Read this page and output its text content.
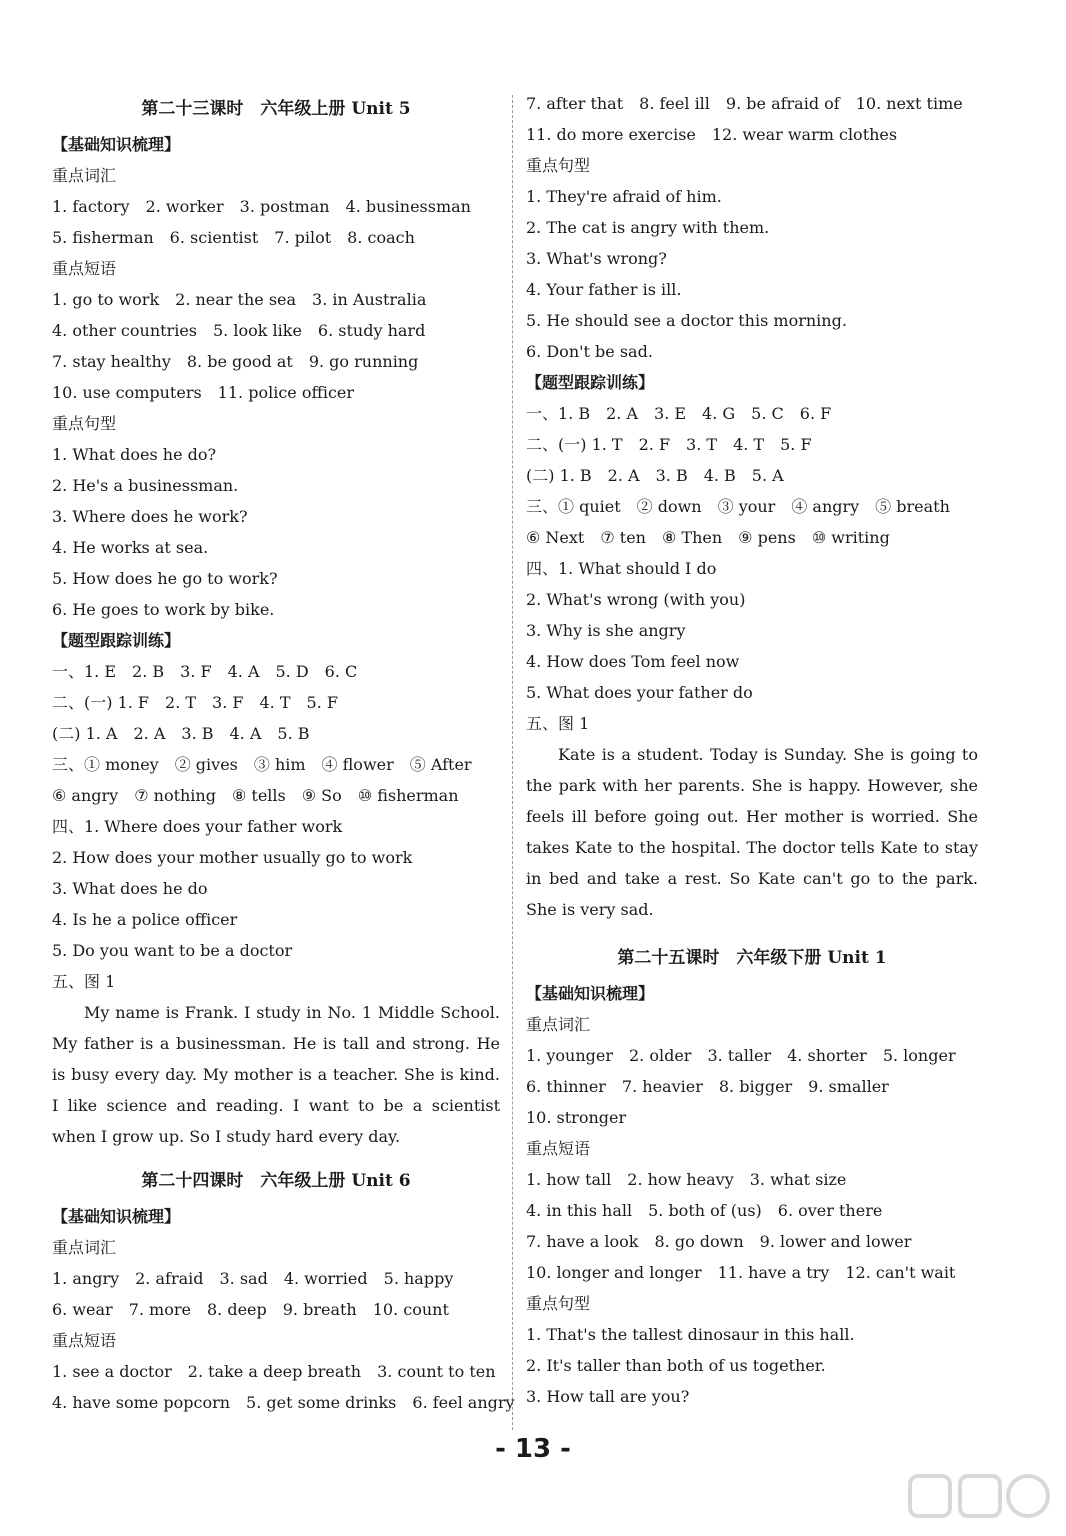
第二十三课时　六年级上册 Unit 5
【基础知识梳理】
重点词汇
1. factory　2. worker　3. postman　4. businessman
5. fisherman　6. scientist　7. pilot　8. coach
重点短语
1. go to work　2. near the sea　3. in Australia
4. other countries　5. look like　6. study hard
7. stay healthy　8. be good at　9. go running
10. use computers　11. police officer
重点句型
1. What does he do?
2. He's a businessman.
3. Where does he work?
4. He works at sea.
5. How does he go to work?
6. He goes to work by bike.
【题型跟踪训练】
一、1. E　2. B　3. F　4. A　5. D　6. C
二、(一) 1. F　2. T　3. F　4. T　5. F
(二) 1. A　2. A　3. B　4. A　5. B
三、① money　② gives　③ him　④ flower　⑤ After
⑥ angry　⑦ nothing　⑧ tells　⑨ So　⑩ fisherman
四、1. Where does your father work
2. How does your mother usually go to work
3. What does he do
4. Is he a police officer
5. Do you want to be a doctor
五、图 1

My name is Frank. I study in No. 1 Middle School. My father is a businessman. He is tall and strong. He is busy every day. My mother is a teacher. She is kind. I like science and reading. I want to be a scientist when I grow up. So I study hard every day.

第二十四课时　六年级上册 Unit 6
【基础知识梳理】
重点词汇
1. angry　2. afraid　3. sad　4. worried　5. happy
6. wear　7. more　8. deep　9. breath　10. count
重点短语
1. see a doctor　2. take a deep breath　3. count to ten
4. have some popcorn　5. get some drinks　6. feel angry
7. after that　8. feel ill　9. be afraid of　10. next time
11. do more exercise　12. wear warm clothes
重点句型
1. They're afraid of him.
2. The cat is angry with them.
3. What's wrong?
4. Your father is ill.
5. He should see a doctor this morning.
6. Don't be sad.
【题型跟踪训练】
一、1. B　2. A　3. E　4. G　5. C　6. F
二、(一) 1. T　2. F　3. T　4. T　5. F
(二) 1. B　2. A　3. B　4. B　5. A
三、① quiet　② down　③ your　④ angry　⑤ breath
⑥ Next　⑦ ten　⑧ Then　⑨ pens　⑩ writing
四、1. What should I do
2. What's wrong (with you)
3. Why is she angry
4. How does Tom feel now
5. What does your father do
五、图 1

Kate is a student. Today is Sunday. She is going to the park with her parents. She is happy. However, she feels ill before going out. Her mother is worried. She takes Kate to the hospital. The doctor tells Kate to stay in bed and take a rest. So Kate can't go to the park. She is very sad.

第二十五课时　六年级下册 Unit 1
【基础知识梳理】
重点词汇
1. younger　2. older　3. taller　4. shorter　5. longer
6. thinner　7. heavier　8. bigger　9. smaller
10. stronger
重点短语
1. how tall　2. how heavy　3. what size
4. in this hall　5. both of (us)　6. over there
7. have a look　8. go down　9. lower and lower
10. longer and longer　11. have a try　12. can't wait
重点句型
1. That's the tallest dinosaur in this hall.
2. It's taller than both of us together.
3. How tall are you?
- 13 -
